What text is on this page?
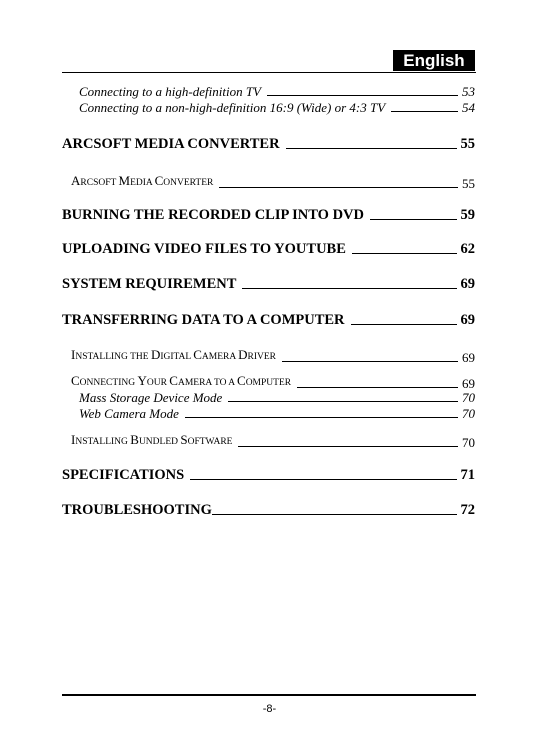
English
Connecting to a high-definition TV	53
Connecting to a non-high-definition 16:9 (Wide) or 4:3 TV	54
ARCSOFT MEDIA CONVERTER	55
ARCSOFT MEDIA CONVERTER	55
BURNING THE RECORDED CLIP INTO DVD	59
UPLOADING VIDEO FILES TO YOUTUBE	62
SYSTEM REQUIREMENT	69
TRANSFERRING DATA TO A COMPUTER	69
INSTALLING THE DIGITAL CAMERA DRIVER	69
CONNECTING YOUR CAMERA TO A COMPUTER	69
Mass Storage Device Mode	70
Web Camera Mode	70
INSTALLING BUNDLED SOFTWARE	70
SPECIFICATIONS	71
TROUBLESHOOTING	72
-8-
